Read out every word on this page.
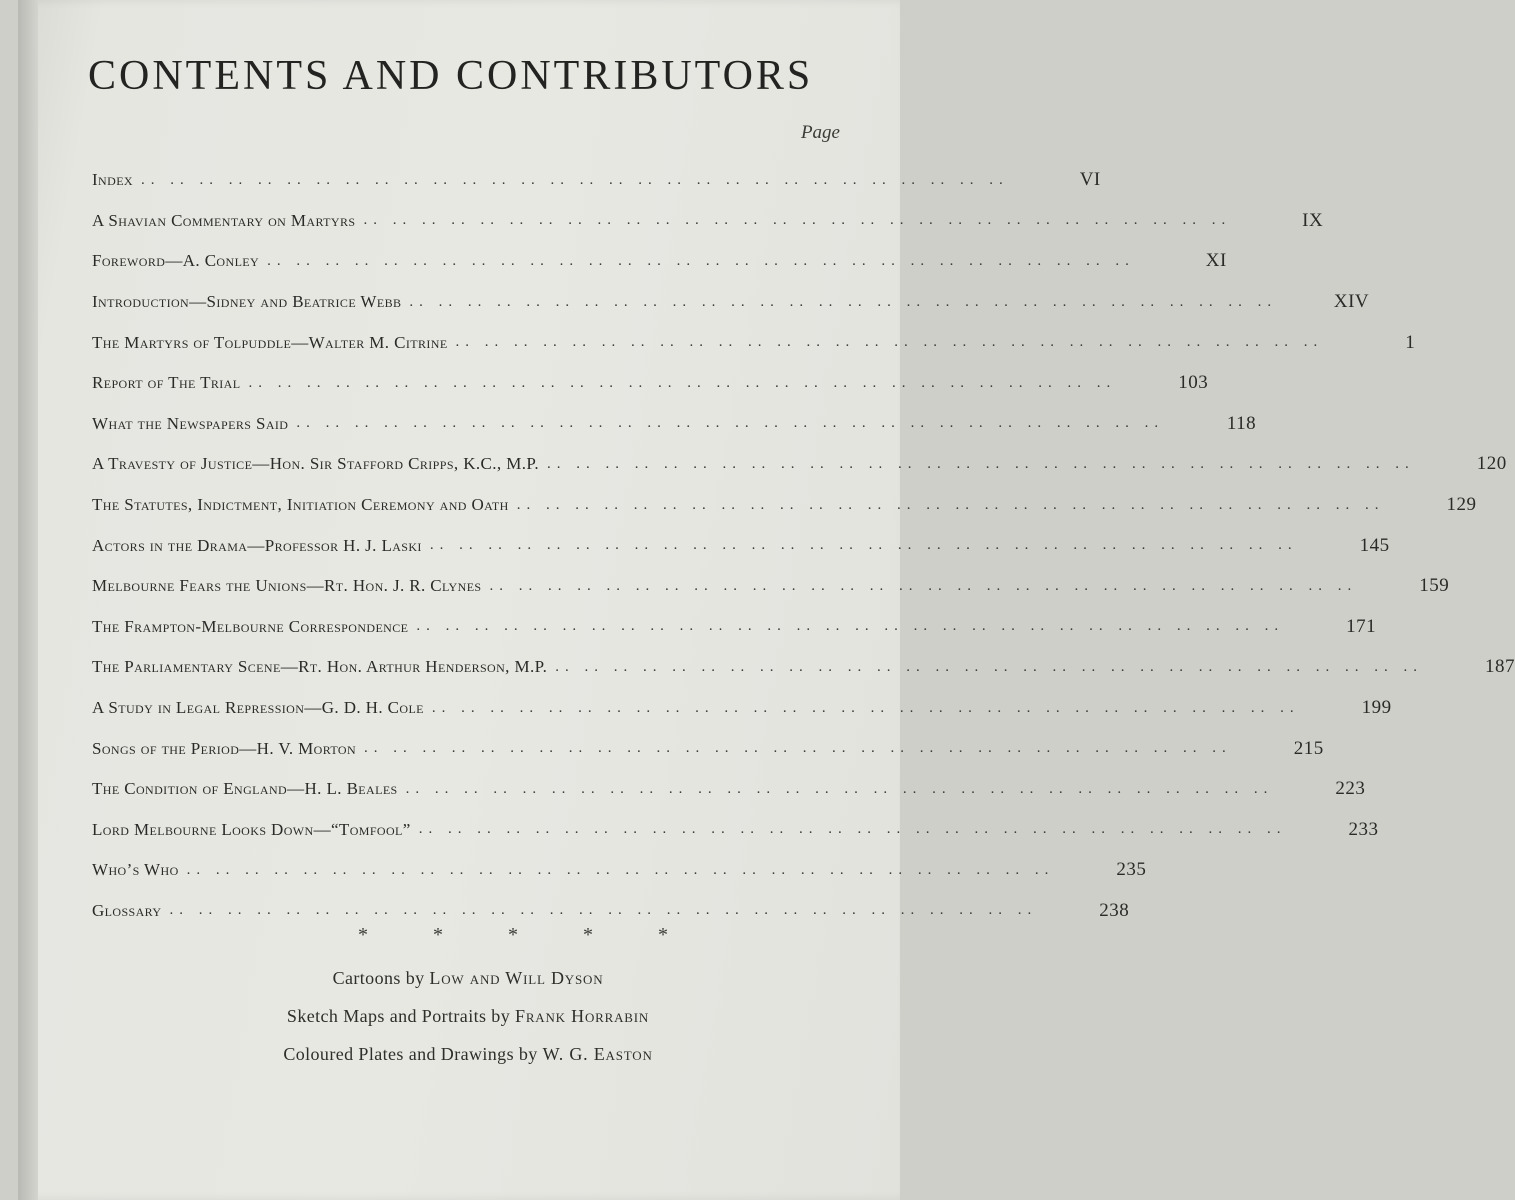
CONTENTS AND CONTRIBUTORS
Page
Index .. .. .. .. .. .. .. .. .. .. .. .. .. .. .. .. .. .. .. .. .. .. .. .. .. .. .. .. .. ..	VI
A Shavian Commentary on Martyrs .. .. .. .. .. .. .. .. .. .. .. .. .. .. .. .. .. .. .. .. .. .. .. .. .. .. .. .. .. ..	IX
Foreword—A. Conley .. .. .. .. .. .. .. .. .. .. .. .. .. .. .. .. .. .. .. .. .. .. .. .. .. .. .. .. .. ..	XI
Introduction—Sidney and Beatrice Webb .. .. .. .. .. .. .. .. .. .. .. .. .. .. .. .. .. .. .. .. .. .. .. .. .. .. .. .. .. ..	XIV
The Martyrs of Tolpuddle—Walter M. Citrine .. .. .. .. .. .. .. .. .. .. .. .. .. .. .. .. .. .. .. .. .. .. .. .. .. .. .. .. .. ..	1
Report of The Trial .. .. .. .. .. .. .. .. .. .. .. .. .. .. .. .. .. .. .. .. .. .. .. .. .. .. .. .. .. ..	103
What the Newspapers Said .. .. .. .. .. .. .. .. .. .. .. .. .. .. .. .. .. .. .. .. .. .. .. .. .. .. .. .. .. ..	118
A Travesty of Justice—Hon. Sir Stafford Cripps, K.C., M.P. .. .. .. .. .. .. .. .. .. .. .. .. .. .. .. .. .. .. .. .. .. .. .. .. .. .. .. .. .. ..	120
The Statutes, Indictment, Initiation Ceremony and Oath .. .. .. .. .. .. .. .. .. .. .. .. .. .. .. .. .. .. .. .. .. .. .. .. .. .. .. .. .. ..	129
Actors in the Drama—Professor H. J. Laski .. .. .. .. .. .. .. .. .. .. .. .. .. .. .. .. .. .. .. .. .. .. .. .. .. .. .. .. .. ..	145
Melbourne Fears the Unions—Rt. Hon. J. R. Clynes .. .. .. .. .. .. .. .. .. .. .. .. .. .. .. .. .. .. .. .. .. .. .. .. .. .. .. .. .. ..	159
The Frampton-Melbourne Correspondence .. .. .. .. .. .. .. .. .. .. .. .. .. .. .. .. .. .. .. .. .. .. .. .. .. .. .. .. .. ..	171
The Parliamentary Scene—Rt. Hon. Arthur Henderson, M.P. .. .. .. .. .. .. .. .. .. .. .. .. .. .. .. .. .. .. .. .. .. .. .. .. .. .. .. .. .. ..	187
A Study in Legal Repression—G. D. H. Cole .. .. .. .. .. .. .. .. .. .. .. .. .. .. .. .. .. .. .. .. .. .. .. .. .. .. .. .. .. ..	199
Songs of the Period—H. V. Morton .. .. .. .. .. .. .. .. .. .. .. .. .. .. .. .. .. .. .. .. .. .. .. .. .. .. .. .. .. ..	215
The Condition of England—H. L. Beales .. .. .. .. .. .. .. .. .. .. .. .. .. .. .. .. .. .. .. .. .. .. .. .. .. .. .. .. .. ..	223
Lord Melbourne Looks Down—“Tomfool” .. .. .. .. .. .. .. .. .. .. .. .. .. .. .. .. .. .. .. .. .. .. .. .. .. .. .. .. .. ..	233
Who’s Who .. .. .. .. .. .. .. .. .. .. .. .. .. .. .. .. .. .. .. .. .. .. .. .. .. .. .. .. .. ..	235
Glossary .. .. .. .. .. .. .. .. .. .. .. .. .. .. .. .. .. .. .. .. .. .. .. .. .. .. .. .. .. ..	238
* * * * *
Cartoons by Low and Will Dyson
Sketch Maps and Portraits by Frank Horrabin
Coloured Plates and Drawings by W. G. Easton
